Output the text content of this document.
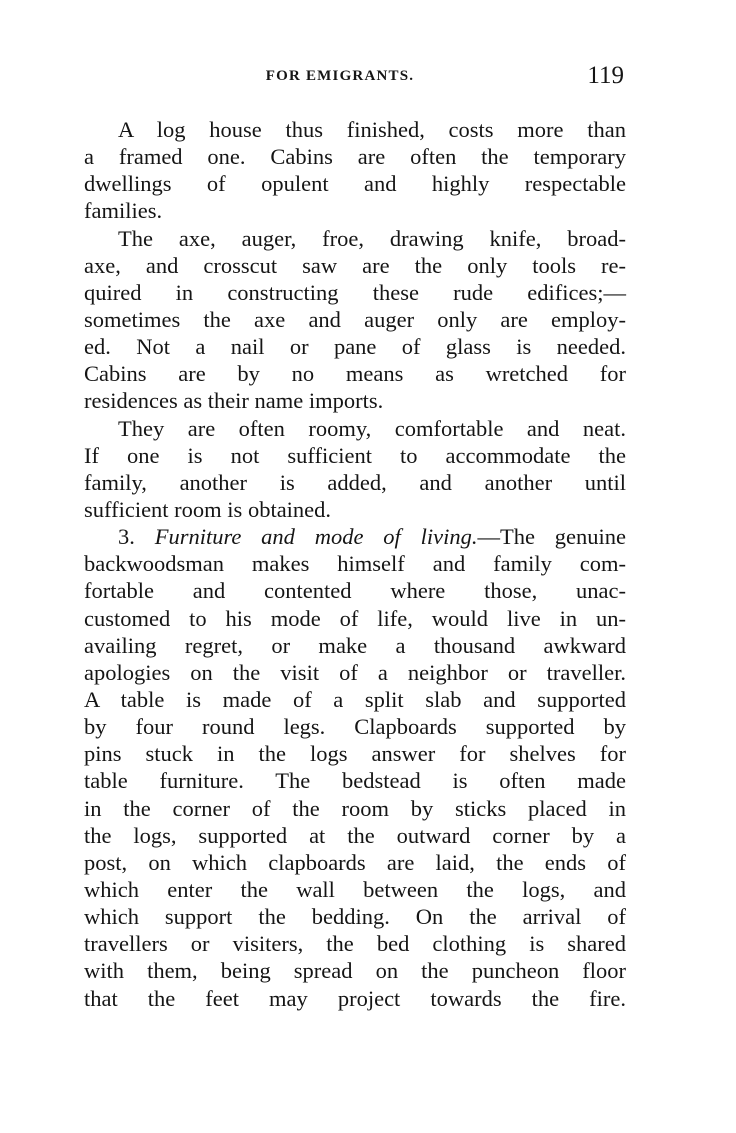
FOR EMIGRANTS.	119
A log house thus finished, costs more than
a framed one. Cabins are often the temporary
dwellings of opulent and highly respectable
families.
The axe, auger, froe, drawing knife, broad-
axe, and crosscut saw are the only tools re-
quired in constructing these rude edifices;—
sometimes the axe and auger only are employ-
ed. Not a nail or pane of glass is needed.
Cabins are by no means as wretched for
residences as their name imports.
They are often roomy, comfortable and neat.
If one is not sufficient to accommodate the
family, another is added, and another until
sufficient room is obtained.
3. Furniture and mode of living.—The genuine
backwoodsman makes himself and family com-
fortable and contented where those, unac-
customed to his mode of life, would live in un-
availing regret, or make a thousand awkward
apologies on the visit of a neighbor or traveller.
A table is made of a split slab and supported
by four round legs. Clapboards supported by
pins stuck in the logs answer for shelves for
table furniture. The bedstead is often made
in the corner of the room by sticks placed in
the logs, supported at the outward corner by a
post, on which clapboards are laid, the ends of
which enter the wall between the logs, and
which support the bedding. On the arrival of
travellers or visiters, the bed clothing is shared
with them, being spread on the puncheon floor
that the feet may project towards the fire.
